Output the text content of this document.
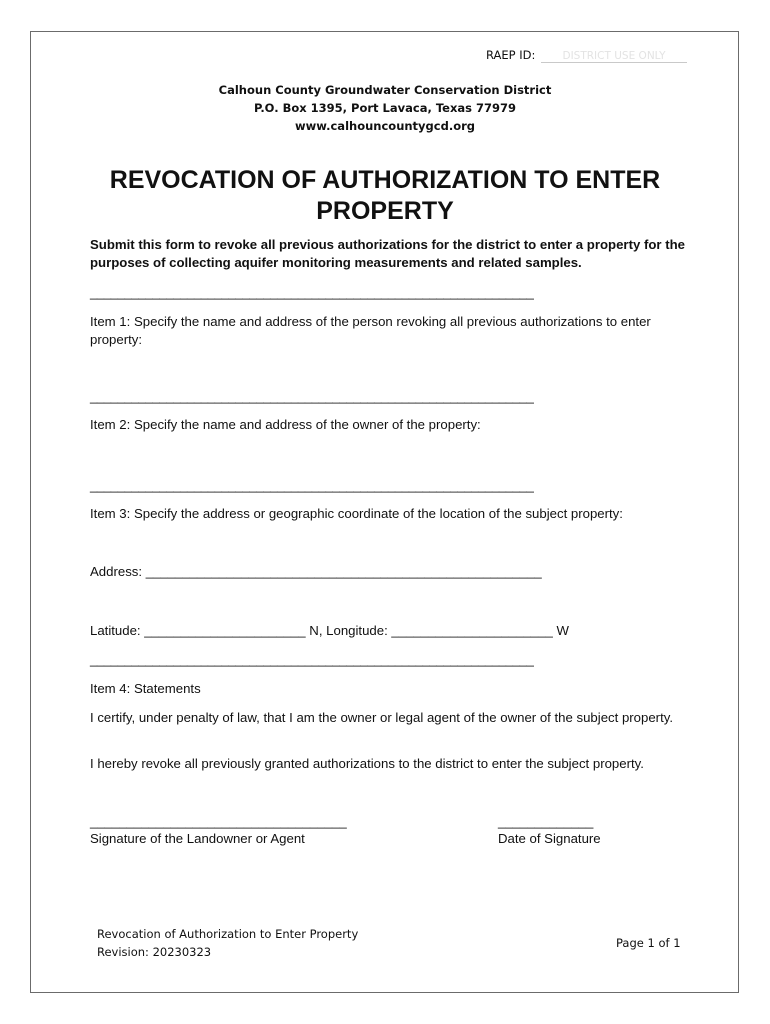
RAEP ID:	DISTRICT USE ONLY
Calhoun County Groundwater Conservation District
P.O. Box 1395, Port Lavaca, Texas 77979
www.calhouncountygcd.org
REVOCATION OF AUTHORIZATION TO ENTER
PROPERTY
Submit this form to revoke all previous authorizations for the district to enter a property for the purposes of collecting aquifer monitoring measurements and related samples.
________________________________________________________________
Item 1: Specify the name and address of the person revoking all previous authorizations to enter property:
________________________________________________________________
Item 2: Specify the name and address of the owner of the property:
________________________________________________________________
Item 3: Specify the address or geographic coordinate of the location of the subject property:
Address: ______________________________________________________
Latitude: ______________________ N, Longitude: ______________________ W
________________________________________________________________
Item 4: Statements
I certify, under penalty of law, that I am the owner or legal agent of the owner of the subject property.
I hereby revoke all previously granted authorizations to the district to enter the subject property.
___________________________________
Signature of the Landowner or Agent
_____________
Date of Signature
Revocation of Authorization to Enter Property
Revision: 20230323
Page 1 of 1
